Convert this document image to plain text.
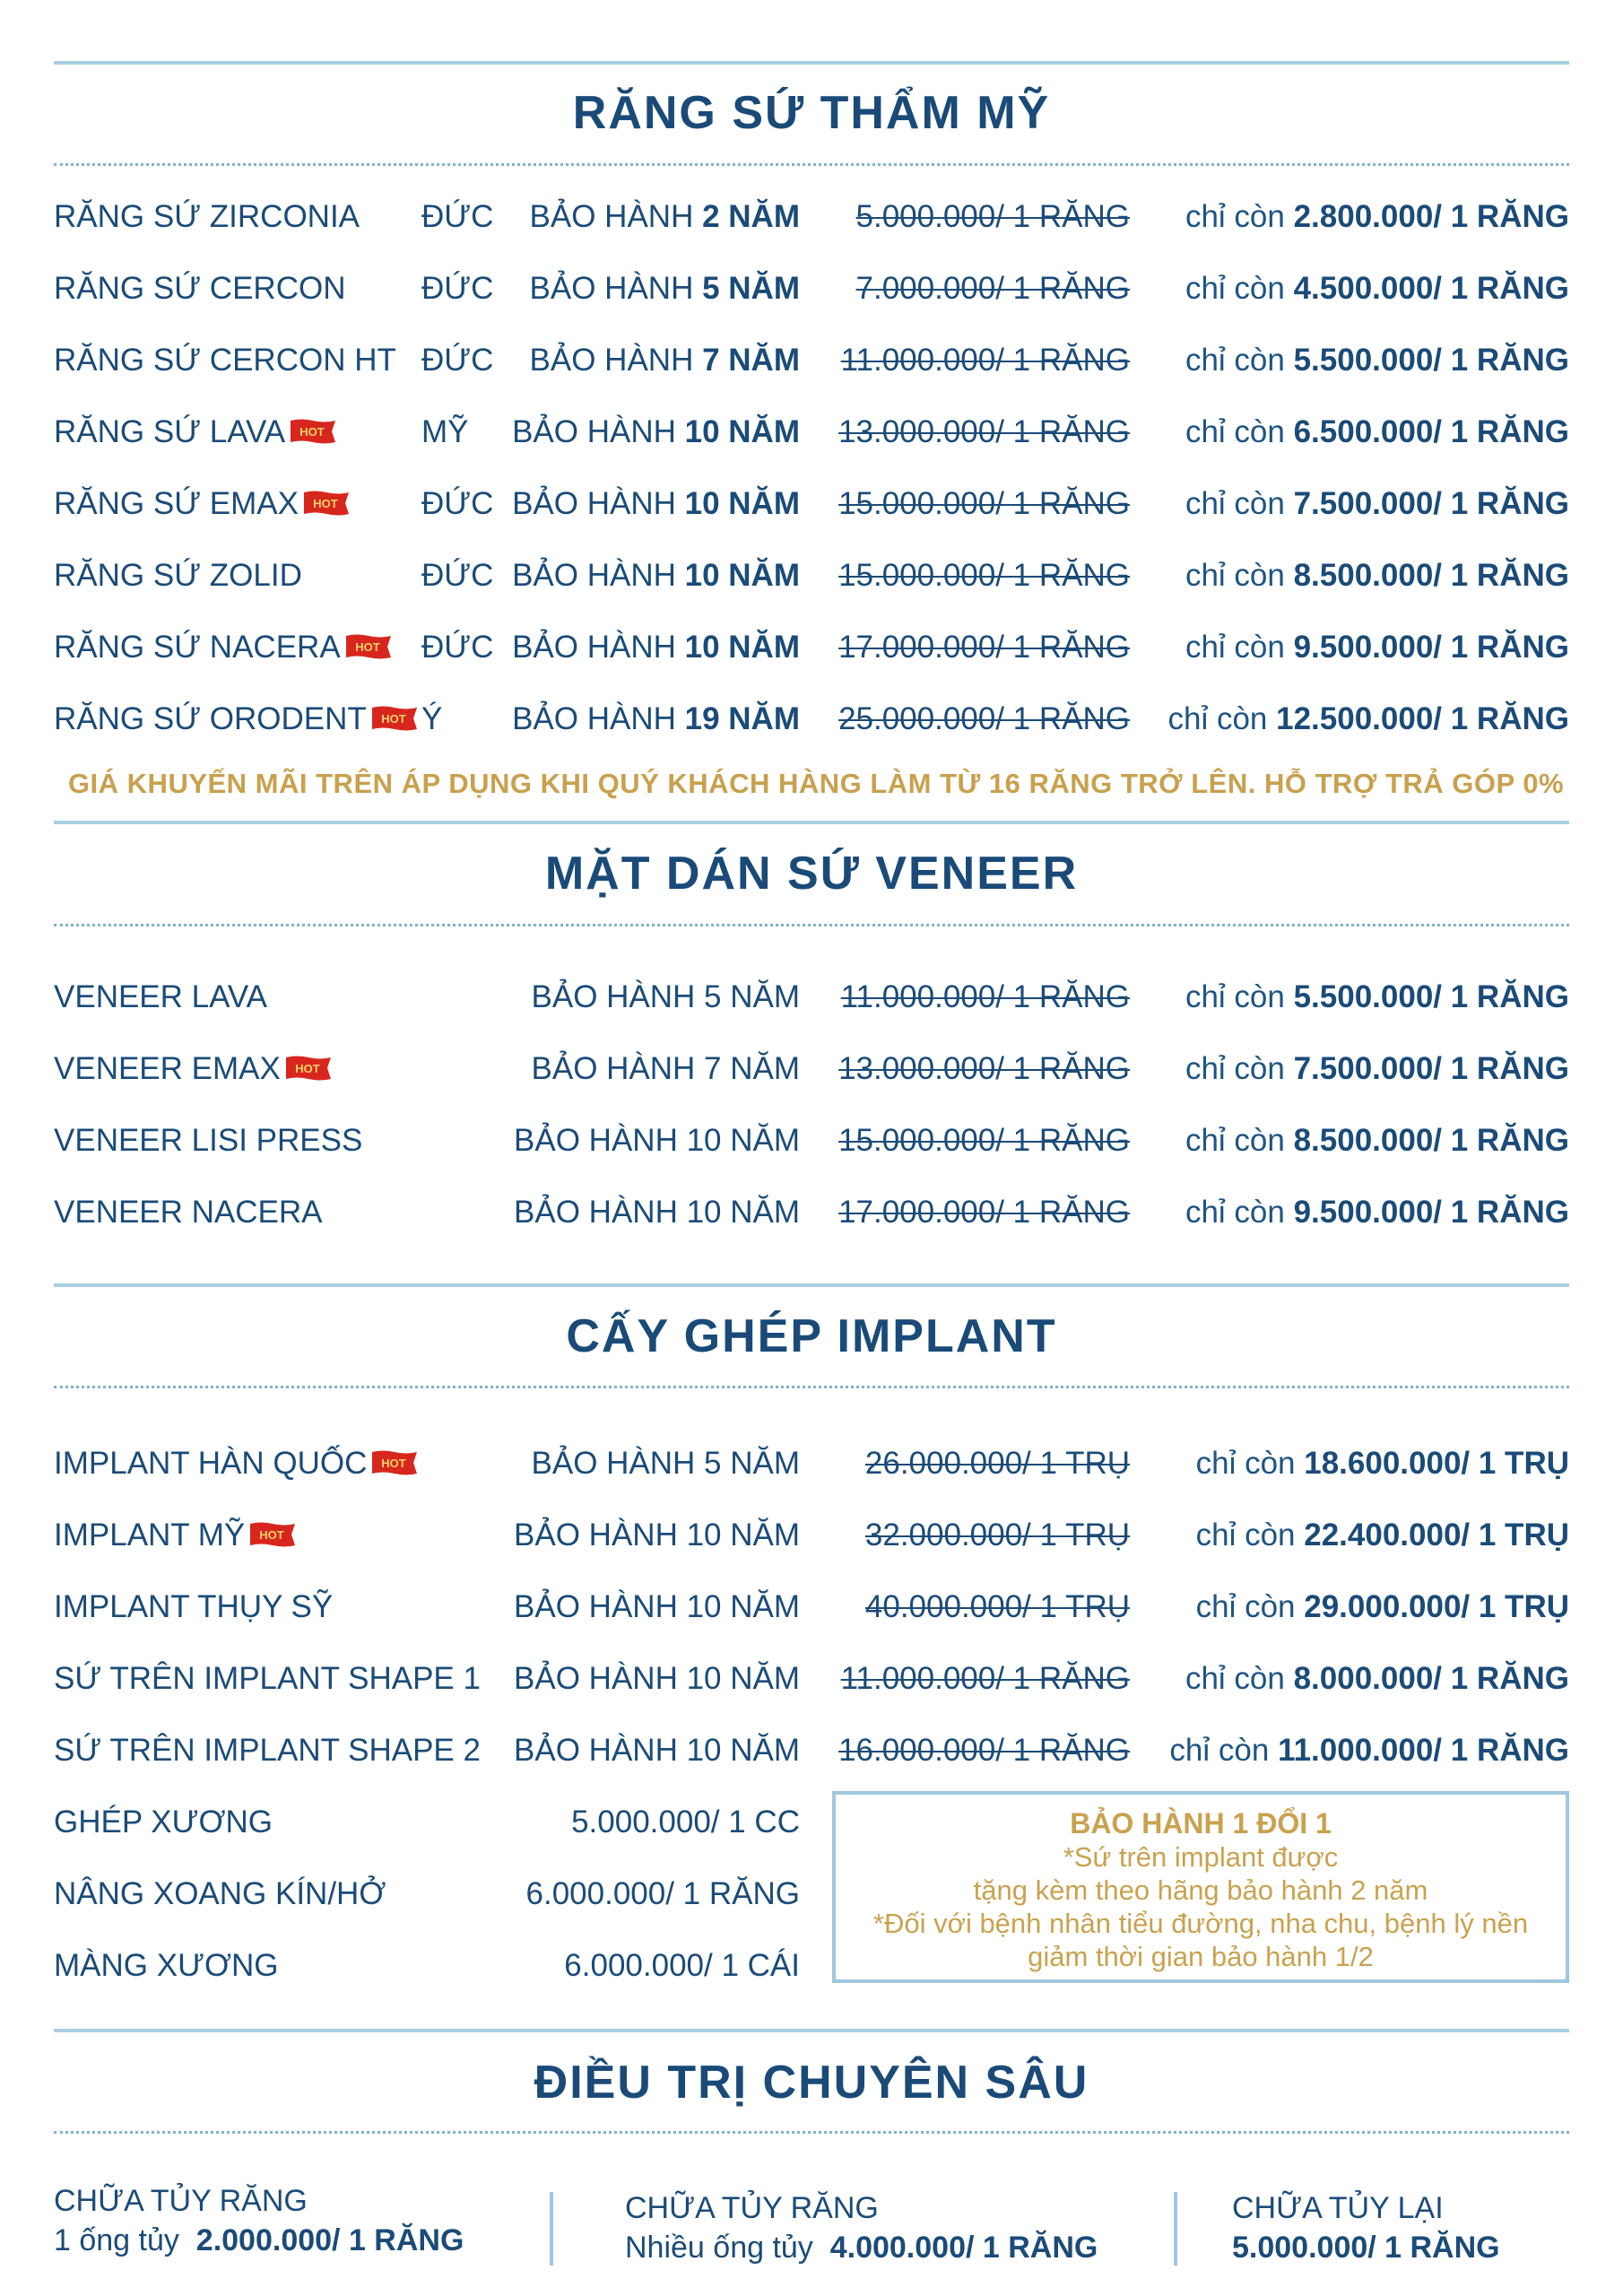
RĂNG SỨ THẨM MỸ
RĂNG SỨ ZIRCONIA ĐỨC BẢO HÀNH 2 NĂM 5.000.000/ 1 RĂNG chỉ còn 2.800.000/ 1 RĂNG
RĂNG SỨ CERCON ĐỨC BẢO HÀNH 5 NĂM 7.000.000/ 1 RĂNG chỉ còn 4.500.000/ 1 RĂNG
RĂNG SỨ CERCON HT ĐỨC BẢO HÀNH 7 NĂM 11.000.000/ 1 RĂNG chỉ còn 5.500.000/ 1 RĂNG
RĂNG SỨ LAVA HOT	MỸ BẢO HÀNH 10 NĂM 13.000.000/ 1 RĂNG chỉ còn 6.500.000/ 1 RĂNG
RĂNG SỨ EMAX HOT	ĐỨC BẢO HÀNH 10 NĂM 15.000.000/ 1 RĂNG chỉ còn 7.500.000/ 1 RĂNG
RĂNG SỨ ZOLID	ĐỨC BẢO HÀNH 10 NĂM 15.000.000/ 1 RĂNG chỉ còn 8.500.000/ 1 RĂNG
RĂNG SỨ NACERA HOT ĐỨC BẢO HÀNH 10 NĂM 17.000.000/ 1 RĂNG chỉ còn 9.500.000/ 1 RĂNG
RĂNG SỨ ORODENT HOT Ý BẢO HÀNH 19 NĂM 25.000.000/ 1 RĂNG chỉ còn 12.500.000/ 1 RĂNG
GIÁ KHUYẾN MÃI TRÊN ÁP DỤNG KHI QUÝ KHÁCH HÀNG LÀM TỪ 16 RĂNG TRỞ LÊN. HỖ TRỢ TRẢ GÓP 0%
MẶT DÁN SỨ VENEER
VENEER LAVA	BẢO HÀNH 5 NĂM 11.000.000/ 1 RĂNG chỉ còn 5.500.000/ 1 RĂNG
VENEER EMAX HOT	BẢO HÀNH 7 NĂM 13.000.000/ 1 RĂNG chỉ còn 7.500.000/ 1 RĂNG
VENEER LISI PRESS	BẢO HÀNH 10 NĂM 15.000.000/ 1 RĂNG chỉ còn 8.500.000/ 1 RĂNG
VENEER NACERA	BẢO HÀNH 10 NĂM 17.000.000/ 1 RĂNG chỉ còn 9.500.000/ 1 RĂNG
CẤY GHÉP IMPLANT
IMPLANT HÀN QUỐC HOT	BẢO HÀNH 5 NĂM 26.000.000/ 1 TRỤ chỉ còn 18.600.000/ 1 TRỤ
IMPLANT MỸ HOT	BẢO HÀNH 10 NĂM 32.000.000/ 1 TRỤ chỉ còn 22.400.000/ 1 TRỤ
IMPLANT THỤY SỸ	BẢO HÀNH 10 NĂM 40.000.000/ 1 TRỤ chỉ còn 29.000.000/ 1 TRỤ
SỨ TRÊN IMPLANT SHAPE 1 BẢO HÀNH 10 NĂM 11.000.000/ 1 RĂNG chỉ còn 8.000.000/ 1 RĂNG
SỨ TRÊN IMPLANT SHAPE 2 BẢO HÀNH 10 NĂM 16.000.000/ 1 RĂNG chỉ còn 11.000.000/ 1 RĂNG
GHÉP XƯƠNG	5.000.000/ 1 CC
NÂNG XOANG KÍN/HỞ	6.000.000/ 1 RĂNG
MÀNG XƯƠNG	6.000.000/ 1 CÁI
BẢO HÀNH 1 ĐỔI 1
*Sứ trên implant được
tặng kèm theo hãng bảo hành 2 năm
*Đối với bệnh nhân tiểu đường, nha chu, bệnh lý nền
giảm thời gian bảo hành 1/2
ĐIỀU TRỊ CHUYÊN SÂU
CHỮA TỦY RĂNG
1 ống tủy 2.000.000/ 1 RĂNG
CHỮA TỦY RĂNG
Nhiều ống tủy 4.000.000/ 1 RĂNG
CHỮA TỦY LẠI
5.000.000/ 1 RĂNG
